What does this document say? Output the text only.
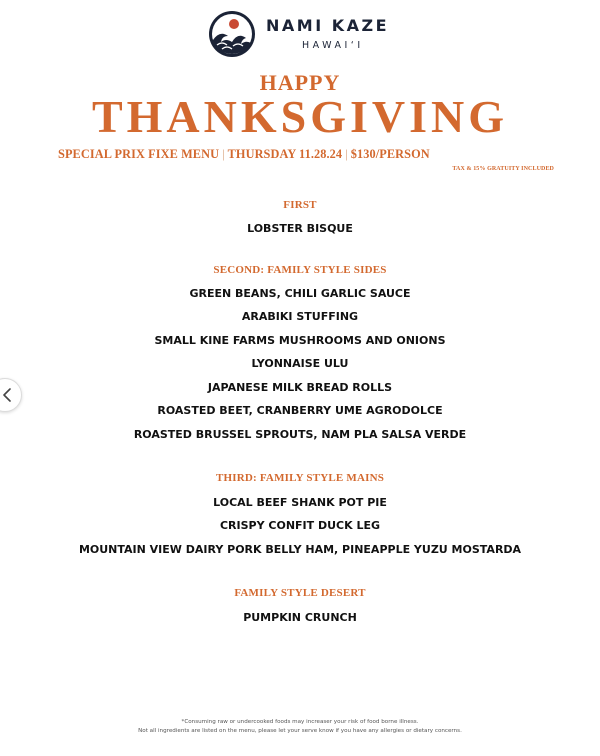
NAMI KAZE
HAWAI‘I
HAPPY
THANKSGIVING
SPECIAL PRIX FIXE MENU | THURSDAY 11.28.24 | $130/PERSON
TAX & 15% GRATUITY INCLUDED
FIRST
LOBSTER BISQUE
SECOND: FAMILY STYLE SIDES
GREEN BEANS, CHILI GARLIC SAUCE
ARABIKI STUFFING
SMALL KINE FARMS MUSHROOMS AND ONIONS
LYONNAISE ULU
JAPANESE MILK BREAD ROLLS
ROASTED BEET, CRANBERRY UME AGRODOLCE
ROASTED BRUSSEL SPROUTS, NAM PLA SALSA VERDE
THIRD: FAMILY STYLE MAINS
LOCAL BEEF SHANK POT PIE
CRISPY CONFIT DUCK LEG
MOUNTAIN VIEW DAIRY PORK BELLY HAM, PINEAPPLE YUZU MOSTARDA
FAMILY STYLE DESERT
PUMPKIN CRUNCH
*Consuming raw or undercooked foods may increaser your risk of food borne illness.
Not all ingredients are listed on the menu, please let your serve know if you have any allergies or dietary concerns.
